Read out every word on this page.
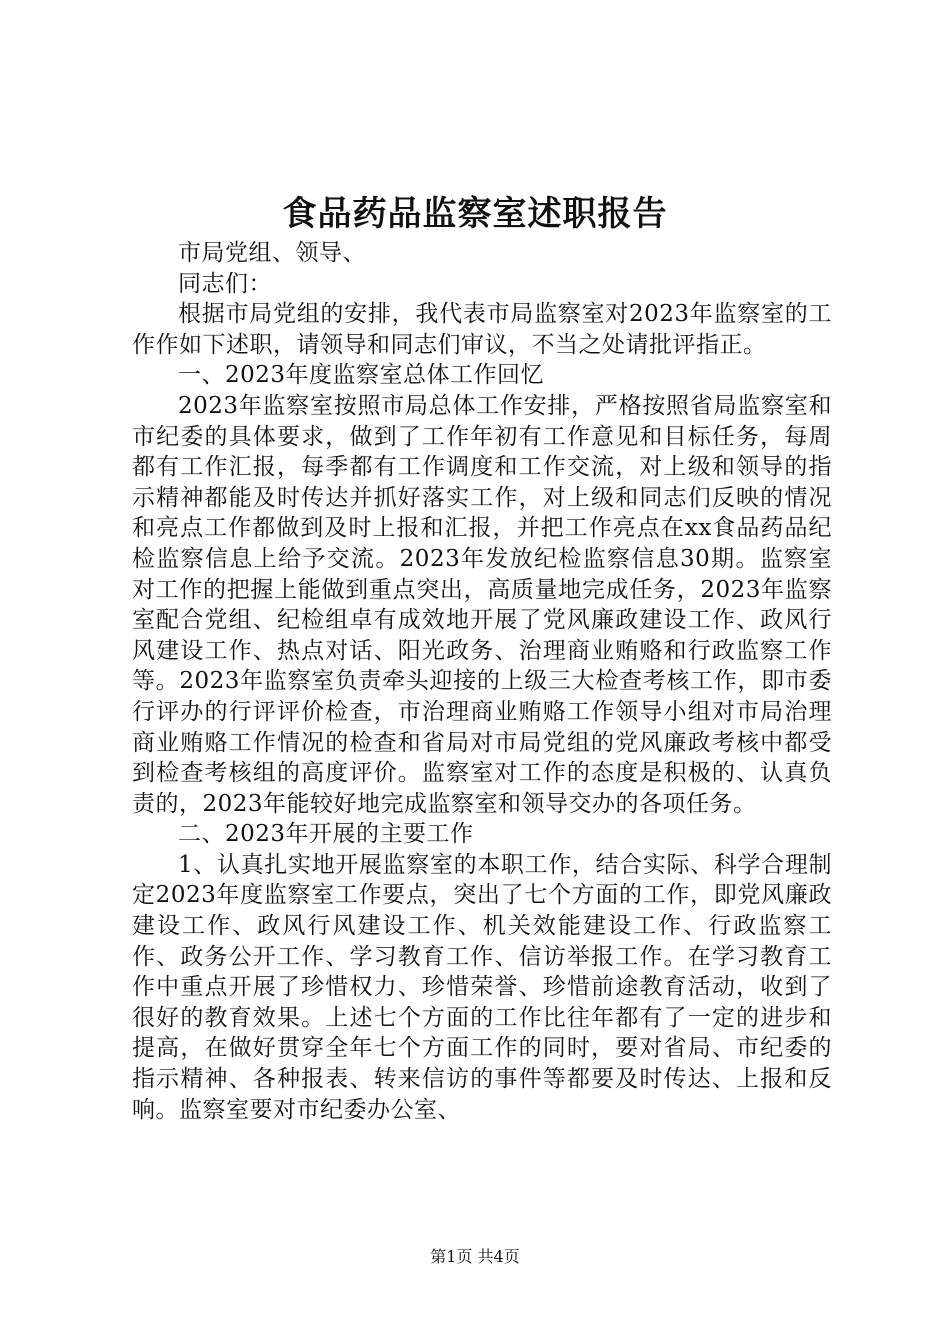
食品药品监察室述职报告

市局党组、领导、

同志们：

根据市局党组的安排，我代表市局监察室对2023年监察室的工作作如下述职，请领导和同志们审议，不当之处请批评指正。

一、2023年度监察室总体工作回忆

2023年监察室按照市局总体工作安排，严格按照省局监察室和市纪委的具体要求，做到了工作年初有工作意见和目标任务，每周都有工作汇报，每季都有工作调度和工作交流，对上级和领导的指示精神都能及时传达并抓好落实工作，对上级和同志们反映的情况和亮点工作都做到及时上报和汇报，并把工作亮点在xx食品药品纪检监察信息上给予交流。2023年发放纪检监察信息30期。监察室对工作的把握上能做到重点突出，高质量地完成任务，2023年监察室配合党组、纪检组卓有成效地开展了党风廉政建设工作、政风行风建设工作、热点对话、阳光政务、治理商业贿赂和行政监察工作等。2023年监察室负责牵头迎接的上级三大检查考核工作，即市委行评办的行评评价检查，市治理商业贿赂工作领导小组对市局治理商业贿赂工作情况的检查和省局对市局党组的党风廉政考核中都受到检查考核组的高度评价。监察室对工作的态度是积极的、认真负责的，2023年能较好地完成监察室和领导交办的各项任务。

二、2023年开展的主要工作

1、认真扎实地开展监察室的本职工作，结合实际、科学合理制定2023年度监察室工作要点，突出了七个方面的工作，即党风廉政建设工作、政风行风建设工作、机关效能建设工作、行政监察工作、政务公开工作、学习教育工作、信访举报工作。在学习教育工作中重点开展了珍惜权力、珍惜荣誉、珍惜前途教育活动，收到了很好的教育效果。上述七个方面的工作比往年都有了一定的进步和提高，在做好贯穿全年七个方面工作的同时，要对省局、市纪委的指示精神、各种报表、转来信访的事件等都要及时传达、上报和反响。监察室要对市纪委办公室、

第1页 共4页
